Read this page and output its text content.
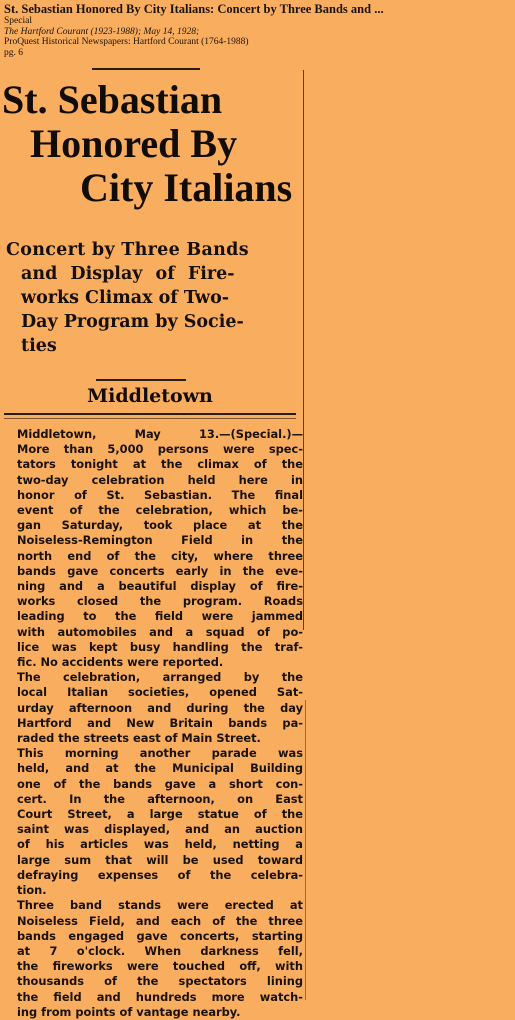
St. Sebastian Honored By City Italians: Concert by Three Bands and ...
Special
The Hartford Courant (1923-1988); May 14, 1928;
ProQuest Historical Newspapers: Hartford Courant (1764-1988)
pg. 6
St. Sebastian
Honored By
City Italians
Concert by Three Bands
and Display of Fire-
works Climax of Two-
Day Program by Socie-
ties
Middletown

Middletown, May 13.—(Special.)—
More than 5,000 persons were spec-
tators tonight at the climax of the
two-day celebration held here in
honor of St. Sebastian. The final
event of the celebration, which be-
gan Saturday, took place at the
Noiseless-Remington Field in the
north end of the city, where three
bands gave concerts early in the eve-
ning and a beautiful display of fire-
works closed the program. Roads
leading to the field were jammed
with automobiles and a squad of po-
lice was kept busy handling the traf-
fic. No accidents were reported.

The celebration, arranged by the
local Italian societies, opened Sat-
urday afternoon and during the day
Hartford and New Britain bands pa-
raded the streets east of Main Street.

This morning another parade was
held, and at the Municipal Building
one of the bands gave a short con-
cert. In the afternoon, on East
Court Street, a large statue of the
saint was displayed, and an auction
of his articles was held, netting a
large sum that will be used toward
defraying expenses of the celebra-
tion.

Three band stands were erected at
Noiseless Field, and each of the three
bands engaged gave concerts, starting
at 7 o'clock. When darkness fell,
the fireworks were touched off, with
thousands of the spectators lining
the field and hundreds more watch-
ing from points of vantage nearby.
